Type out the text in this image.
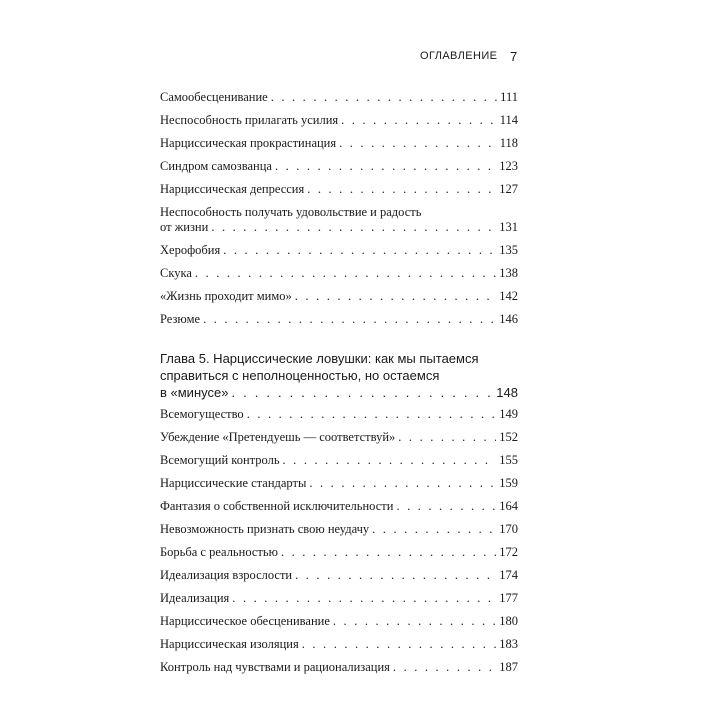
ОГЛАВЛЕНИЕ 7
Самообесценивание . . .	111
Неспособность прилагать усилия . . .	114
Нарциссическая прокрастинация . . .	118
Синдром самозванца . . .	123
Нарциссическая депрессия . . .	127
Неспособность получать удовольствие и радость
от жизни . . .	131
Херофобия . . .	135
Скука . . .	138
«Жизнь проходит мимо» . . .	142
Резюме . . .	146
Глава 5. Нарциссические ловушки: как мы пытаемся
справиться с неполноценностью, но остаемся
в «минусе» . . .	148
Всемогущество . . .	149
Убеждение «Претендуешь — соответствуй» . . .	152
Всемогущий контроль . . .	155
Нарциссические стандарты . . .	159
Фантазия о собственной исключительности . . .	164
Невозможность признать свою неудачу . . .	170
Борьба с реальностью . . .	172
Идеализация взрослости . . .	174
Идеализация . . .	177
Нарциссическое обесценивание . . .	180
Нарциссическая изоляция . . .	183
Контроль над чувствами и рационализация . . .	187
